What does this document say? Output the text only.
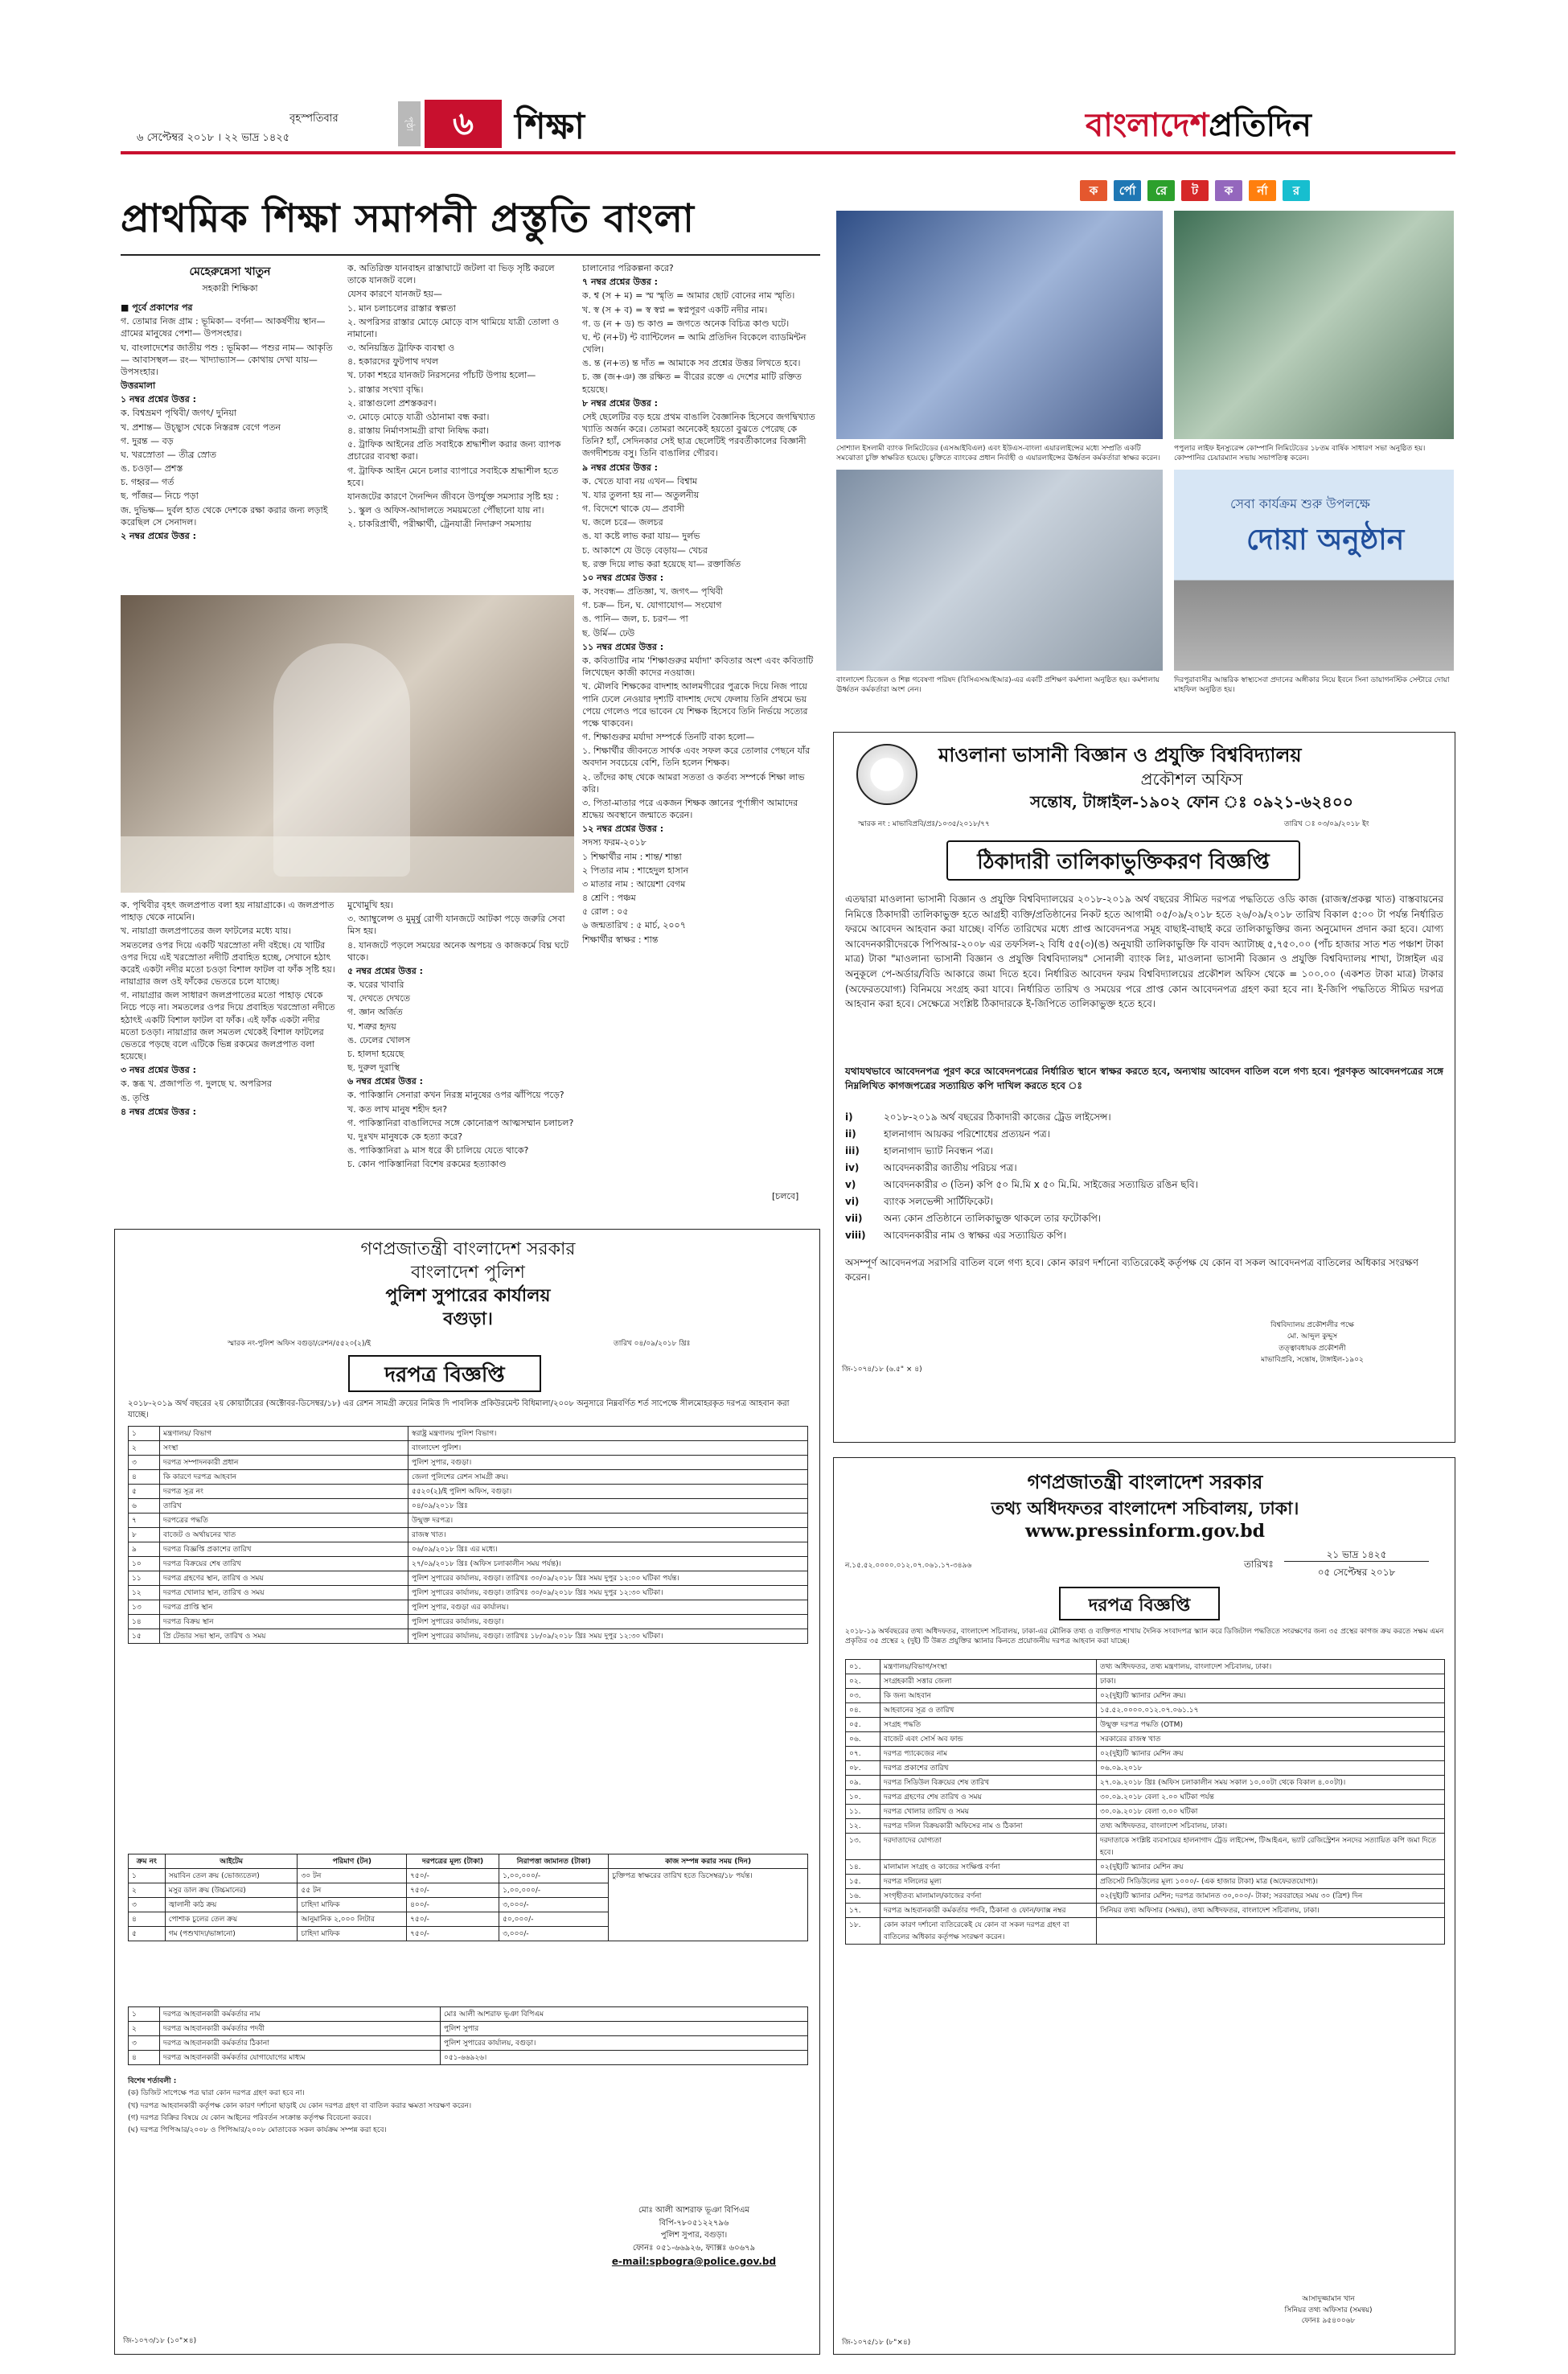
বৃহস্পতিবার
৬ সেপ্টেম্বর ২০১৮ । ২২ ভাদ্র ১৪২৫
পৃষ্ঠা	৬	শিক্ষা	বাংলাদেশপ্রতিদিন
প্রাথমিক শিক্ষা সমাপনী প্রস্তুতি বাংলা
মেহেরুন্নেসা খাতুন
সহকারী শিক্ষিকা

■ পূর্বে প্রকাশের পর

গ. তোমার নিজ গ্রাম : ভূমিকা— বর্ণনা— আকর্ষণীয় স্থান— গ্রামের মানুষের পেশা— উপসংহার।

ঘ. বাংলাদেশের জাতীয় পশু : ভূমিকা— পশুর নাম— আকৃতি— আবাসস্থল— রং— খাদ্যাভ্যাস— কোথায় দেখা যায়— উপসংহার।

উত্তরমালা

১ নম্বর প্রশ্নের উত্তর :

ক. বিশ্বভ্রমণ পৃথিবী/ জগৎ/ দুনিয়া

খ. প্রশান্ত— উচ্ছ্বাস থেকে নিস্তরঙ্গ বেগে পতন

গ. দুরন্ত — বড়

ঘ. খরস্রোতা — তীব্র স্রোত

ঙ. চওড়া— প্রশস্ত

চ. গহ্বর— গর্ত

ছ. পাঁজর— নিচে পড়া

জ. দুভিক্ষ— দুর্বল হাত থেকে দেশকে রক্ষা করার জন্য লড়াই করেছিল সে সেনাদল।

২ নম্বর প্রশ্নের উত্তর :

ক. পৃথিবীর বৃহৎ জলপ্রপাত বলা হয় নায়াগ্রাকে। এ জলপ্রপাত পাহাড় থেকে নামেনি।

খ. নায়াগ্রা জলপ্রপাতের জল ফাটলের মধ্যে যায়।

সমতলের ওপর দিয়ে একটি খরস্রোতা নদী বইছে। যে খাটির ওপর দিয়ে এই খরস্রোতা নদীটি প্রবাহিত হচ্ছে, সেখানে হঠাৎ করেই একটা নদীর মতো চওড়া বিশাল ফাটল বা ফাঁক সৃষ্টি হয়। নায়াগ্রার জল ওই ফাঁকের ভেতরে চলে যাচ্ছে।

গ. নায়াগ্রার জল সাধারণ জলপ্রপাতের মতো পাহাড় থেকে নিচে পড়ে না। সমতলের ওপর দিয়ে প্রবাহিত খরস্রোতা নদীতে হঠাৎই একটি বিশাল ফাটল বা ফাঁক। এই ফাঁক একটা নদীর মতো চওড়া। নায়াগ্রার জল সমতল থেকেই বিশাল ফাটলের ভেতরে পড়ছে বলে এটিকে ভিন্ন রকমের জলপ্রপাত বলা হয়েছে।

৩ নম্বর প্রশ্নের উত্তর :

ক. স্তব্ধ খ. প্রজাপতি গ. দুলছে ঘ. অপরিসর

ঙ. তৃপ্তি

৪ নম্বর প্রশ্নের উত্তর :

ক. অতিরিক্ত যানবাহন রাস্তাঘাটে জটলা বা ভিড় সৃষ্টি করলে তাকে যানজট বলে।

যেসব কারণে যানজট হয়—

১. মান চলাচলের রাস্তার স্বল্পতা

২. অপরিসর রাস্তার মোড়ে মোড়ে বাস থামিয়ে যাত্রী তোলা ও নামানো।

৩. অনিয়ন্ত্রিত ট্রাফিক ব্যবস্থা ও

৪. হকারদের ফুটপাথ দখল

খ. ঢাকা শহরে যানজট নিরসনের পাঁচটি উপায় হলো—

১. রাস্তার সংখ্যা বৃদ্ধি।

২. রাস্তাগুলো প্রশস্তকরণ।

৩. মোড়ে মোড়ে যাত্রী ওঠানামা বন্ধ করা।

৪. রাস্তায় নির্মাণসামগ্রী রাখা নিষিদ্ধ করা।

৫. ট্রাফিক আইনের প্রতি সবাইকে শ্রদ্ধাশীল করার জন্য ব্যাপক প্রচারের ব্যবস্থা করা।

গ. ট্রাফিক আইন মেনে চলার ব্যাপারে সবাইকে শ্রদ্ধাশীল হতে হবে।

যানজটের কারণে দৈনন্দিন জীবনে উপর্যুক্ত সমস্যার সৃষ্টি হয় :

১. স্কুল ও অফিস-আদালতে সময়মতো পৌঁছানো যায় না।

২. চাকরিপ্রার্থী, পরীক্ষার্থী, ট্রেনযাত্রী নিদারুণ সমস্যায়

মুখোমুখি হয়।

৩. অ্যাম্বুলেন্স ও মুমূর্ষু রোগী যানজটে আটকা পড়ে জরুরি সেবা মিস হয়।

৪. যানজটে পড়লে সময়ের অনেক অপচয় ও কাজকর্মে বিঘ্ন ঘটে থাকে।

৫ নম্বর প্রশ্নের উত্তর :

ক. ঘরের খাবারি

খ. দেখতে দেখতে

গ. জ্ঞান অর্জিত

ঘ. শত্রুর হৃদয়

ঙ. ঢেলের খোলস

চ. হালদা হয়েছে

ছ. দুরুল দুরাস্থি

৬ নম্বর প্রশ্নের উত্তর :

ক. পাকিস্তানি সেনারা কখন নিরস্ত্র মানুষের ওপর ঝাঁপিয়ে পড়ে?

খ. কত লাখ মানুষ শহীদ হন?

গ. পাকিস্তানিরা বাঙালিদের সঙ্গে কোনোরূপ আত্মসম্মান চলাচল?

ঘ. দুঃখদ মানুষকে কে হত্যা করে?

ঙ. পাকিস্তানিরা ৯ মাস ধরে কী চালিয়ে যেতে থাকে?

চ. কোন পাকিস্তানিরা বিশেষ রকমের হত্যাকাণ্ড

চালানোর পরিকল্পনা করে?

৭ নম্বর প্রশ্নের উত্তর :

ক. শ্ব (স + ম) = স্ম স্মৃতি = আমার ছোট বোনের নাম স্মৃতি।

খ. স্ব (স + ব) = স্ব স্বপ্ন = স্বপ্নপূরণ একটি নদীর নাম।

গ. ড (ন + ড) ন্ড কাণ্ড = জগতে অনেক বিচিত্র কাণ্ড ঘটে।

ঘ. ন্ট (ন+ট) ন্ট ব্যান্টিলেন = আমি প্রতিদিন বিকেলে ব্যাডমিন্টন খেলি।

ঙ. ন্ত (ন+ত) ন্ত দাঁত = আমাকে সব প্রশ্নের উত্তর লিখতে হবে।

চ. জ্ঞ (জ+ঞ) জ্ঞ রক্ষিত = বীরের রক্তে এ দেশের মাটি রক্তিত হয়েছে।

৮ নম্বর প্রশ্নের উত্তর :

সেই ছেলেটির বড় হয়ে প্রথম বাঙালি বৈজ্ঞানিক হিসেবে জগদ্বিখ্যাত খ্যাতি অর্জন করে। তোমরা অনেকেই হয়তো বুঝতে পেরেছ কে তিনি? হ্যাঁ, সেদিনকার সেই ছাত্র ছেলেটিই পরবর্তীকালের বিজ্ঞানী জগদীশচন্দ্র বসু। তিনি বাঙালির গৌরব।

৯ নম্বর প্রশ্নের উত্তর :

ক. খেতে যাবা নয় এখন— বিশ্বাম

খ. যার তুলনা হয় না— অতুলনীয়

গ. বিদেশে থাকে যে— প্রবাসী

ঘ. জলে চরে— জলচর

ঙ. যা কষ্টে লাভ করা যায়— দুর্লভ

চ. আকাশে যে উড়ে বেড়ায়— খেচর

ছ. রক্ত দিয়ে লাভ করা হয়েছে যা— রক্তার্জিত

১০ নম্বর প্রশ্নের উত্তর :

ক. সংবন্ধ— প্রতিজ্ঞা, খ. জগৎ— পৃথিবী

গ. চক্র— চিন, ঘ. যোগাযোগ— সংযোগ

ঙ. পানি— জল, চ. চরণ— পা

ছ. উর্মি— ঢেউ

১১ নম্বর প্রশ্নের উত্তর :

ক. কবিতাটির নাম 'শিক্ষাগুরুর মর্যাদা' কবিতার অংশ এবং কবিতাটি লিখেছেন কাজী কাদের নওয়াজ।

খ. মৌলবি শিক্ষকের বাদশাহ আলমগীরের পুত্রকে দিয়ে নিজ পায়ে পানি ঢেলে নেওয়ার দৃশ্যটি বাদশাহ দেখে ফেলায় তিনি প্রথমে ভয় পেয়ে গেলেও পরে ভাবেন যে শিক্ষক হিসেবে তিনি নির্ভয়ে সত্যের পক্ষে থাকবেন।

গ. শিক্ষাগুরুর মর্যাদা সম্পর্কে তিনটি বাক্য হলো—

১. শিক্ষার্থীর জীবনতে সার্থক এবং সফল করে তোলার পেছনে যাঁর অবদান সবচেয়ে বেশি, তিনি হলেন শিক্ষক।

২. তাঁদের কাছ থেকে আমরা সততা ও কর্তব্য সম্পর্কে শিক্ষা লাভ করি।

৩. পিতা-মাতার পরে একজন শিক্ষক জ্ঞানের পূর্ণাঙ্গীণ আমাদের শ্রদ্ধেয় অবস্থানে জন্মাতে করেন।

১২ নম্বর প্রশ্নের উত্তর :

সদস্য ফরম-২০১৮

১ শিক্ষার্থীর নাম : শান্ত/ শান্তা

২ পিতার নাম : শাহেদুল হাসান

৩ মাতার নাম : আয়েশা বেগম

৪ শ্রেণি : পঞ্চম

৫ রোল : ০৫

৬ জন্মতারিখ : ৫ মার্চ, ২০০৭

শিক্ষার্থীর স্বাক্ষর : শান্ত

[চলবে]
ক র্পো রে ট ক র্না র
সোশ্যাল ইসলামী ব্যাংক লিমিটেডের (এসআইবিএল) এবং ইউএস-বাংলা এয়ারলাইন্সের মধ্যে সম্প্রতি একটি সমঝোতা চুক্তি স্বাক্ষরিত হয়েছে। চুক্তিতে ব্যাংকের প্রধান নির্বাহী ও এয়ারলাইন্সের ঊর্ধ্বতন কর্মকর্তারা স্বাক্ষর করেন।
পপুলার লাইফ ইনস্যুরেন্স কোম্পানি লিমিটেডের ১৮তম বার্ষিক সাধারণ সভা অনুষ্ঠিত হয়। কোম্পানির চেয়ারম্যান সভায় সভাপতিত্ব করেন।
বাংলাদেশ ডিজেল ও শিল্প গবেষণা পরিষদ (বিসিএসআইআর)-এর একটি প্রশিক্ষণ কর্মশালা অনুষ্ঠিত হয়। কর্মশালায় ঊর্ধ্বতন কর্মকর্তারা অংশ নেন।
সেবা কার্যক্রম শুরু উপলক্ষে
দোয়া অনুষ্ঠান
দিরপুরাবাসীর আন্তরিক স্বাস্থ্যসেবা প্রদানের অঙ্গীকার নিয়ে ইবনে সিনা ডায়াগনস্টিক সেন্টারে দোয়া মাহফিল অনুষ্ঠিত হয়।
মাওলানা ভাসানী বিজ্ঞান ও প্রযুক্তি বিশ্ববিদ্যালয়
প্রকৌশল অফিস
সন্তোষ, টাঙ্গাইল-১৯০২ ফোন ঃ ০৯২১-৬২৪০০
স্মারক নং : মাভাবিপ্রবি/প্রঃ/১০৩৫/২০১৮/৭৭	তারিখ ঃ ০৩/০৯/২০১৮ ইং
ঠিকাদারী তালিকাভুক্তিকরণ বিজ্ঞপ্তি
এতদ্বারা মাওলানা ভাসানী বিজ্ঞান ও প্রযুক্তি বিশ্ববিদ্যালয়ের ২০১৮-২০১৯ অর্থ বছরের সীমিত দরপত্র পদ্ধতিতে ওডি কাজ (রাজস্ব/প্রকল্প খাত) বাস্তবায়নের নিমিত্তে ঠিকাদারী তালিকাভুক্ত হতে আগ্রহী ব্যক্তি/প্রতিষ্ঠানের নিকট হতে আগামী ০৫/০৯/২০১৮ হতে ২৬/০৯/২০১৮ তারিখ বিকাল ৫:০০ টা পর্যন্ত নির্ধারিত ফরমে আবেদন আহবান করা যাচ্ছে। বর্ণিত তারিখের মধ্যে প্রাপ্ত আবেদনপত্র সমূহ বাছাই-বাছাই করে তালিকাভুক্তির জন্য অনুমোদন প্রদান করা হবে। যোগ্য আবেদনকারীদেরকে পিপিআর-২০০৮ এর তফসিল-২ বিধি ৫৫(৩)(ঙ) অনুযায়ী তালিকাভুক্তি ফি বাবদ অ্যাটাচ্ছ ৫,৭৫০.০০ (পাঁচ হাজার সাত শত পঞ্চাশ টাকা মাত্র) টাকা "মাওলানা ভাসানী বিজ্ঞান ও প্রযুক্তি বিশ্ববিদ্যালয়" সোনালী ব্যাংক লিঃ, মাওলানা ভাসানী বিজ্ঞান ও প্রযুক্তি বিশ্ববিদ্যালয় শাখা, টাঙ্গাইল এর অনুকূলে পে-অর্ডার/বিডি আকারে জমা দিতে হবে। নির্ধারিত আবেদন ফরম বিশ্ববিদ্যালয়ের প্রকৌশল অফিস থেকে = ১০০.০০ (একশত টাকা মাত্র) টাকার (অফেরতযোগ্য) বিনিময়ে সংগ্রহ করা যাবে। নির্ধারিত তারিখ ও সময়ের পরে প্রাপ্ত কোন আবেদনপত্র গ্রহণ করা হবে না। ই-জিপি পদ্ধতিতে সীমিত দরপত্র আহবান করা হবে। সেক্ষেত্রে সংশ্লিষ্ট ঠিকাদারকে ই-জিপিতে তালিকাভুক্ত হতে হবে।
যথাযথভাবে আবেদনপত্র পূরণ করে আবেদনপত্রের নির্ধারিত স্থানে স্বাক্ষর করতে হবে, অন্যথায় আবেদন বাতিল বলে গণ্য হবে। পূরণকৃত আবেদনপত্রের সঙ্গে নিম্নলিখিত কাগজপত্রের সত্যায়িত কপি দাখিল করতে হবে ঃ
i)	২০১৮-২০১৯ অর্থ বছরের ঠিকাদারী কাজের ট্রেড লাইসেন্স।
ii)	হালনাগাদ আয়কর পরিশোধের প্রত্যয়ন পত্র।
iii)	হালনাগাদ ভ্যাট নিবন্ধন পত্র।
iv)	আবেদনকারীর জাতীয় পরিচয় পত্র।
v)	আবেদনকারীর ৩ (তিন) কপি ৫০ মি.মি x ৫০ মি.মি. সাইজের সত্যায়িত রঙিন ছবি।
vi)	ব্যাংক সলভেন্সী সার্টিফিকেট।
vii) অন্য কোন প্রতিষ্ঠানে তালিকাভুক্ত থাকলে তার ফটোকপি।
viii) আবেদনকারীর নাম ও স্বাক্ষর এর সত্যায়িত কপি।
অসম্পূর্ণ আবেদনপত্র সরাসরি বাতিল বলে গণ্য হবে। কোন কারণ দর্শানো ব্যতিরেকেই কর্তৃপক্ষ যে কোন বা সকল আবেদনপত্র বাতিলের অধিকার সংরক্ষণ করেন।
বিশ্ববিদ্যালয় প্রকৌশলীর পক্ষে
মো. আব্দুল কুদ্দুস
তত্ত্বাবধায়ক প্রকৌশলী
মাভাবিপ্রবি, সন্তোষ, টাঙ্গাইল-১৯০২
জি-১০৭৪/১৮ (৬.৫" × ৪)
গণপ্রজাতন্ত্রী বাংলাদেশ সরকার
বাংলাদেশ পুলিশ
পুলিশ সুপারের কার্যালয়
বগুড়া।
স্মারক নং-পুলিশ অফিস বগুড়া/রেশন/৫৫২০(২)/ই	তারিখ ০৪/০৯/২০১৮ খ্রিঃ
দরপত্র বিজ্ঞপ্তি
২০১৮-২০১৯ অর্থ বছরের ২য় কোয়ার্টারের (অক্টোবর-ডিসেম্বর/১৮) এর রেশন সামগ্রী ক্রয়ের নিমিত্ত দি পাবলিক প্রকিউরমেন্ট বিধিমালা/২০০৮ অনুসারে নিম্নবর্ণিত শর্ত সাপেক্ষে সীলমোহরকৃত দরপত্র আহবান করা যাচ্ছে।
১	মন্ত্রণালয়/ বিভাগ	স্বরাষ্ট্র মন্ত্রণালয় পুলিশ বিভাগ।
২	সংস্থা	বাংলাদেশ পুলিশ।
৩	দরপত্র সম্পাদনকারী প্রধান	পুলিশ সুপার, বগুড়া।
৪	কি কারণে দরপত্র আহবান	জেলা পুলিশের রেশন সামগ্রী ক্রয়।
৫	দরপত্র সূত্র নং	৫৫২০(২)/ই পুলিশ অফিস, বগুড়া।
৬	তারিখ	০৪/০৯/২০১৮ খ্রিঃ
৭	দরপত্রের পদ্ধতি	উন্মুক্ত দরপত্র।
৮	বাজেট ও অর্থায়নের খাত	রাজস্ব খাত।
৯	দরপত্র বিজ্ঞপ্তি প্রকাশের তারিখ	০৬/০৯/২০১৮ খ্রিঃ এর মধ্যে।
১০	দরপত্র বিক্রয়ের শেষ তারিখ	২৭/০৯/২০১৮ খ্রিঃ (অফিস চলাকালীন সময় পর্যন্ত)।
১১	দরপত্র গ্রহণের স্থান, তারিখ ও সময়	পুলিশ সুপারের কার্যালয়, বগুড়া। তারিখঃ ৩০/০৯/২০১৮ খ্রিঃ সময় দুপুর ১২:০০ ঘটিকা পর্যন্ত।
১২	দরপত্র খোলার স্থান, তারিখ ও সময়	পুলিশ সুপারের কার্যালয়, বগুড়া। তারিখঃ ৩০/০৯/২০১৮ খ্রিঃ সময় দুপুর ১২:৩০ ঘটিকা।
১৩	দরপত্র প্রাপ্তি স্থান	পুলিশ সুপার, বগুড়া এর কার্যালয়।
১৪	দরপত্র বিক্রয় স্থান	পুলিশ সুপারের কার্যালয়, বগুড়া।
১৫	প্রি টেন্ডার সভা স্থান, তারিখ ও সময়	পুলিশ সুপারের কার্যালয়, বগুড়া। তারিখঃ ১৮/০৯/২০১৮ খ্রিঃ সময় দুপুর ১২:৩০ ঘটিকা।
ক্রম নং	আইটেম	পরিমাণ (টন)	দরপত্রের মূল্য (টাকা)	নিরাপত্তা জামানত (টাকা)	কাজ সম্পন্ন করার সময় (দিন)
১	সয়াবিন তেল ক্রয় (ভোজ্যতেল)	৩০ টন	৭৫০/-	১,০০,০০০/-	চুক্তিপত্র স্বাক্ষরের তারিখ হতে ডিসেম্বর/১৮ পর্যন্ত।
২	মসুর ডাল ক্রয় (উচ্চমানের)	৫৫ টন	৭৫০/-	১,০০,০০০/-	
৩	জ্বালানী কাঠ ক্রয়	চাহিদা মাফিক	৪০০/-	৩,০০০/-	
৪	পোশাক চুলের তেল ক্রয়	আনুমানিক ২,০০০ লিটার	৭৫০/-	৫০,০০০/-	
৫	গম (পশুখাদ্য/ভাঙ্গানো)	চাহিদা মাফিক	৭৫০/-	৩,০০০/-	
১	দরপত্র আহবানকারী কর্মকর্তার নাম	মোঃ আলী আশরাফ ভূঞা বিপিএম
২	দরপত্র আহবানকারী কর্মকর্তার পদবী	পুলিশ সুপার
৩	দরপত্র আহবানকারী কর্মকর্তার ঠিকানা	পুলিশ সুপারের কার্যালয়, বগুড়া।
৪	দরপত্র আহবানকারী কর্মকর্তার যোগাযোগের মাধ্যম	০৫১-৬৬৯২৬।
বিশেষ শর্তাবলী :
(ক) ডিজিট সাপেক্ষে পত্র দ্বারা কোন দরপত্র গ্রহণ করা হবে না।
(খ) দরপত্র আহবানকারী কর্তৃপক্ষ কোন কারণ দর্শানো ছাড়াই যে কোন দরপত্র গ্রহণ বা বাতিল করার ক্ষমতা সংরক্ষণ করেন।
(গ) দরপত্র বিক্রির বিষয়ে যে কোন আইনের পরিবর্তন সংক্রান্ত কর্তৃপক্ষ বিবেচনা করবে।
(ঘ) দরপত্র পিপিআর/২০০৮ ও পিপিআর/২০০৮ মোতাবেক সকল কার্যক্রম সম্পন্ন করা হবে।
মোঃ আলী আশরাফ ভূঞা বিপিএম
বিপি-৭৮০৫১২২৭৯৬
পুলিশ সুপার, বগুড়া।
ফোনঃ ০৫১-৬৬৯২৬, ফ্যাক্সঃ ৬০৬৭৯
e-mail:spbogra@police.gov.bd
জি-১০৭৩/১৮ (১০"×৪)
গণপ্রজাতন্ত্রী বাংলাদেশ সরকার
তথ্য অধিদফতর বাংলাদেশ সচিবালয়, ঢাকা।
www.pressinform.gov.bd
ন.১৫.৫২.০০০০.০১২.০৭.০৬১.১৭-৩৪৯৬	তারিখঃ
২১ ভাদ্র ১৪২৫
০৫ সেপ্টেম্বর ২০১৮
দরপত্র বিজ্ঞপ্তি
২০১৮-১৯ অর্থবছরের তথ্য অধিদফতর, বাংলাদেশ সচিবালয়, ঢাকা-এর মৌলিক তথ্য ও ব্যক্তিগত শাখায় দৈনিক সংবাদপত্র স্ক্যান করে ডিজিটাল পদ্ধতিতে সংরক্ষণের জন্য ৩৫ প্রস্থের কাগজ ক্রয় করতে সক্ষম এমন প্রকৃতির ৩৫ প্রস্থের ২ (দুই) টি উন্নত প্রযুক্তির স্ক্যানার কিনতে প্রয়োজনীয় দরপত্র আহবান করা যাচ্ছে।
০১.	মন্ত্রণালয়/বিভাগ/সংস্থা	তথ্য অধিদফতর, তথ্য মন্ত্রণালয়, বাংলাদেশ সচিবালয়, ঢাকা।
০২.	সংগ্রহকারী সত্তার জেলা	ঢাকা।
০৩.	কি জন্য আহবান	০২(দুই)টি স্ক্যানার মেশিন ক্রয়।
০৪.	আহবানের সূত্র ও তারিখ	১৫.৫২.০০০০.০১২.০৭.০৬১.১৭
০৫.	সংগ্রহ পদ্ধতি	উন্মুক্ত দরপত্র পদ্ধতি (OTM)
০৬.	বাজেট এবং সোর্স অব ফান্ড	সরকারের রাজস্ব খাত
০৭.	দরপত্র প্যাকেজের নাম	০২(দুই)টি স্ক্যানার মেশিন ক্রয়
০৮.	দরপত্র প্রকাশের তারিখ	০৬.০৯.২০১৮
০৯.	দরপত্র সিডিউল বিক্রয়ের শেষ তারিখ	২৭.০৯.২০১৮ খ্রিঃ (অফিস চলাকালীন সময় সকাল ১০.০০টা থেকে বিকাল ৪.০০টা)।
১০.	দরপত্র গ্রহণের শেষ তারিখ ও সময়	৩০.০৯.২০১৮ বেলা ২.০০ ঘটিকা পর্যন্ত
১১.	দরপত্র খোলার তারিখ ও সময়	৩০.০৯.২০১৮ বেলা ৩.০০ ঘটিকা
১২.	দরপত্র দলিল বিক্রয়কারী অফিসের নাম ও ঠিকানা	তথ্য অধিদফতর, বাংলাদেশ সচিবালয়, ঢাকা।
১৩.	দরদাতাদের যোগ্যতা	দরদাতাকে সংশ্লিষ্ট ব্যবসায়ের হালনাগাদ ট্রেড লাইসেন্স, টিআইএন, ভ্যাট রেজিস্ট্রেশন সনদের সত্যায়িত কপি জমা দিতে হবে।
১৪.	মালামাল সংগ্রহ ও কাজের সংক্ষিপ্ত বর্ণনা	০২(দুই)টি স্ক্যানার মেশিন ক্রয়
১৫.	দরপত্র দলিলের মূল্য	প্রতিসেট সিডিউলের মূল্য ১০০০/- (এক হাজার টাকা) মাত্র (অফেরতযোগ্য)।
১৬.	সংগৃহীতব্য মালামাল/কাজের বর্ণনা	০২(দুই)টি স্ক্যানার মেশিন; দরপত্র জামানত ৩০,০০০/- টাকা; সরবরাহের সময় ৩০ (ত্রিশ) দিন
১৭.	দরপত্র আহবানকারী কর্মকর্তার পদবি, ঠিকানা ও ফোন/ফ্যাক্স নম্বর	সিনিয়র তথ্য অফিসার (সমন্বয়), তথ্য অধিদফতর, বাংলাদেশ সচিবালয়, ঢাকা।
১৮.	কোন কারণ দর্শানো ব্যতিরেকেই যে কোন বা সকল দরপত্র গ্রহণ বা বাতিলের অধিকার কর্তৃপক্ষ সংরক্ষণ করেন।	
আসাদুজ্জামান খান
সিনিয়র তথ্য অফিসার (সমন্বয়)
ফোনঃ ৯৫৪০০৬৮
জি-১০৭৫/১৮ (৮"×৪)
